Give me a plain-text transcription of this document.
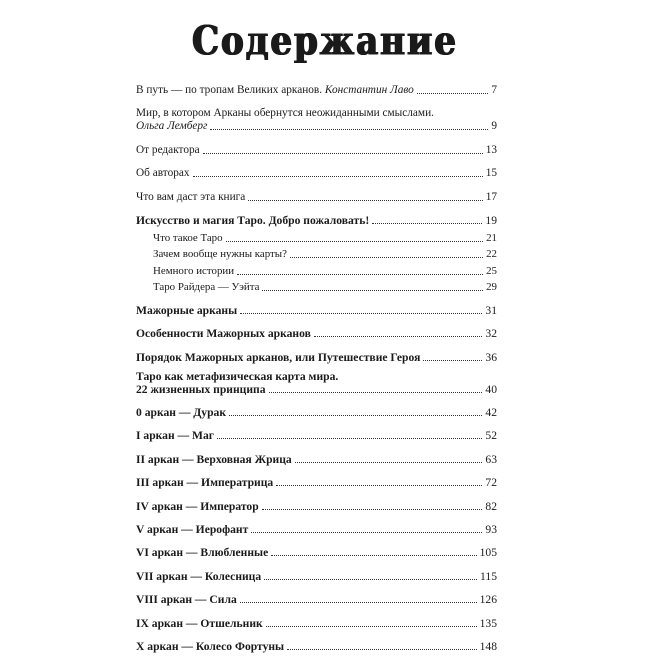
Содержание
В путь — по тропам Великих арканов. Константин Лаво	7
Мир, в котором Арканы обернутся неожиданными смыслами.
Ольга Лемберг	9
От редактора	13
Об авторах	15
Что вам даст эта книга	17
Искусство и магия Таро. Добро пожаловать!	19
Что такое Таро	21
Зачем вообще нужны карты?	22
Немного истории	25
Таро Райдера — Уэйта	29
Мажорные арканы	31
Особенности Мажорных арканов	32
Порядок Мажорных арканов, или Путешествие Героя	36
Таро как метафизическая карта мира.
22 жизненных принципа	40
0 аркан — Дурак	42
I аркан — Маг	52
II аркан — Верховная Жрица	63
III аркан — Императрица	72
IV аркан — Император	82
V аркан — Иерофант	93
VI аркан — Влюбленные	105
VII аркан — Колесница	115
VIII аркан — Сила	126
IX аркан — Отшельник	135
X аркан — Колесо Фортуны	148
